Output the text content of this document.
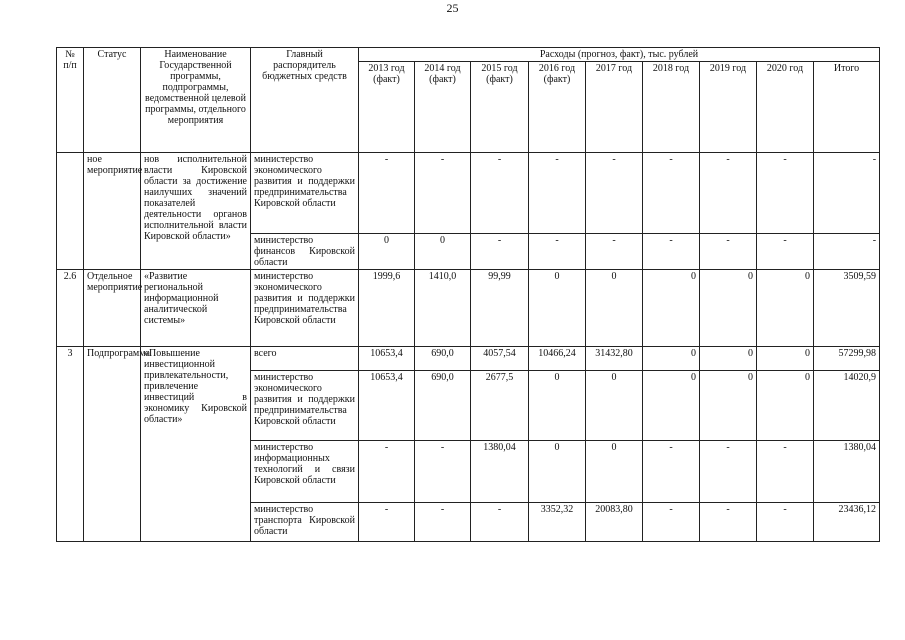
25
№ п/п	Статус	Наименование Государственной программы, подпрограммы, ведомственной целевой программы, отдельного мероприятия	Главный распорядитель бюджетных средств	Расходы (прогноз, факт), тыс. рублей								
				2013 год (факт)	2014 год (факт)	2015 год (факт)	2016 год (факт)	2017 год	2018 год	2019 год	2020 год	Итого
	ное мероприятие	нов исполнительной власти Кировской области за достижение наилучших значений показателей деятельности органов исполнительной власти Кировской области»	министерство экономического развития и поддержки предпринимательства Кировской области	-	-	-	-	-	-	-	-	-
			министерство финансов Кировской области	0	0	-	-	-	-	-	-	-
2.6	Отдельное мероприятие	«Развитие региональной информационной аналитической системы»	министерство экономического развития и поддержки предпринимательства Кировской области	1999,6	1410,0	99,99	0	0	0	0	0	3509,59
3	Подпрограмма	«Повышение инвестиционной привлекательности, привлечение инвестиций в экономику Кировской области»	всего	10653,4	690,0	4057,54	10466,24	31432,80	0	0	0	57299,98
			министерство экономического развития и поддержки предпринимательства Кировской области	10653,4	690,0	2677,5	0	0	0	0	0	14020,9
			министерство информационных технологий и связи Кировской области	-	-	1380,04	0	0	-	-	-	1380,04
			министерство транспорта Кировской области	-	-	-	3352,32	20083,80	-	-	-	23436,12
